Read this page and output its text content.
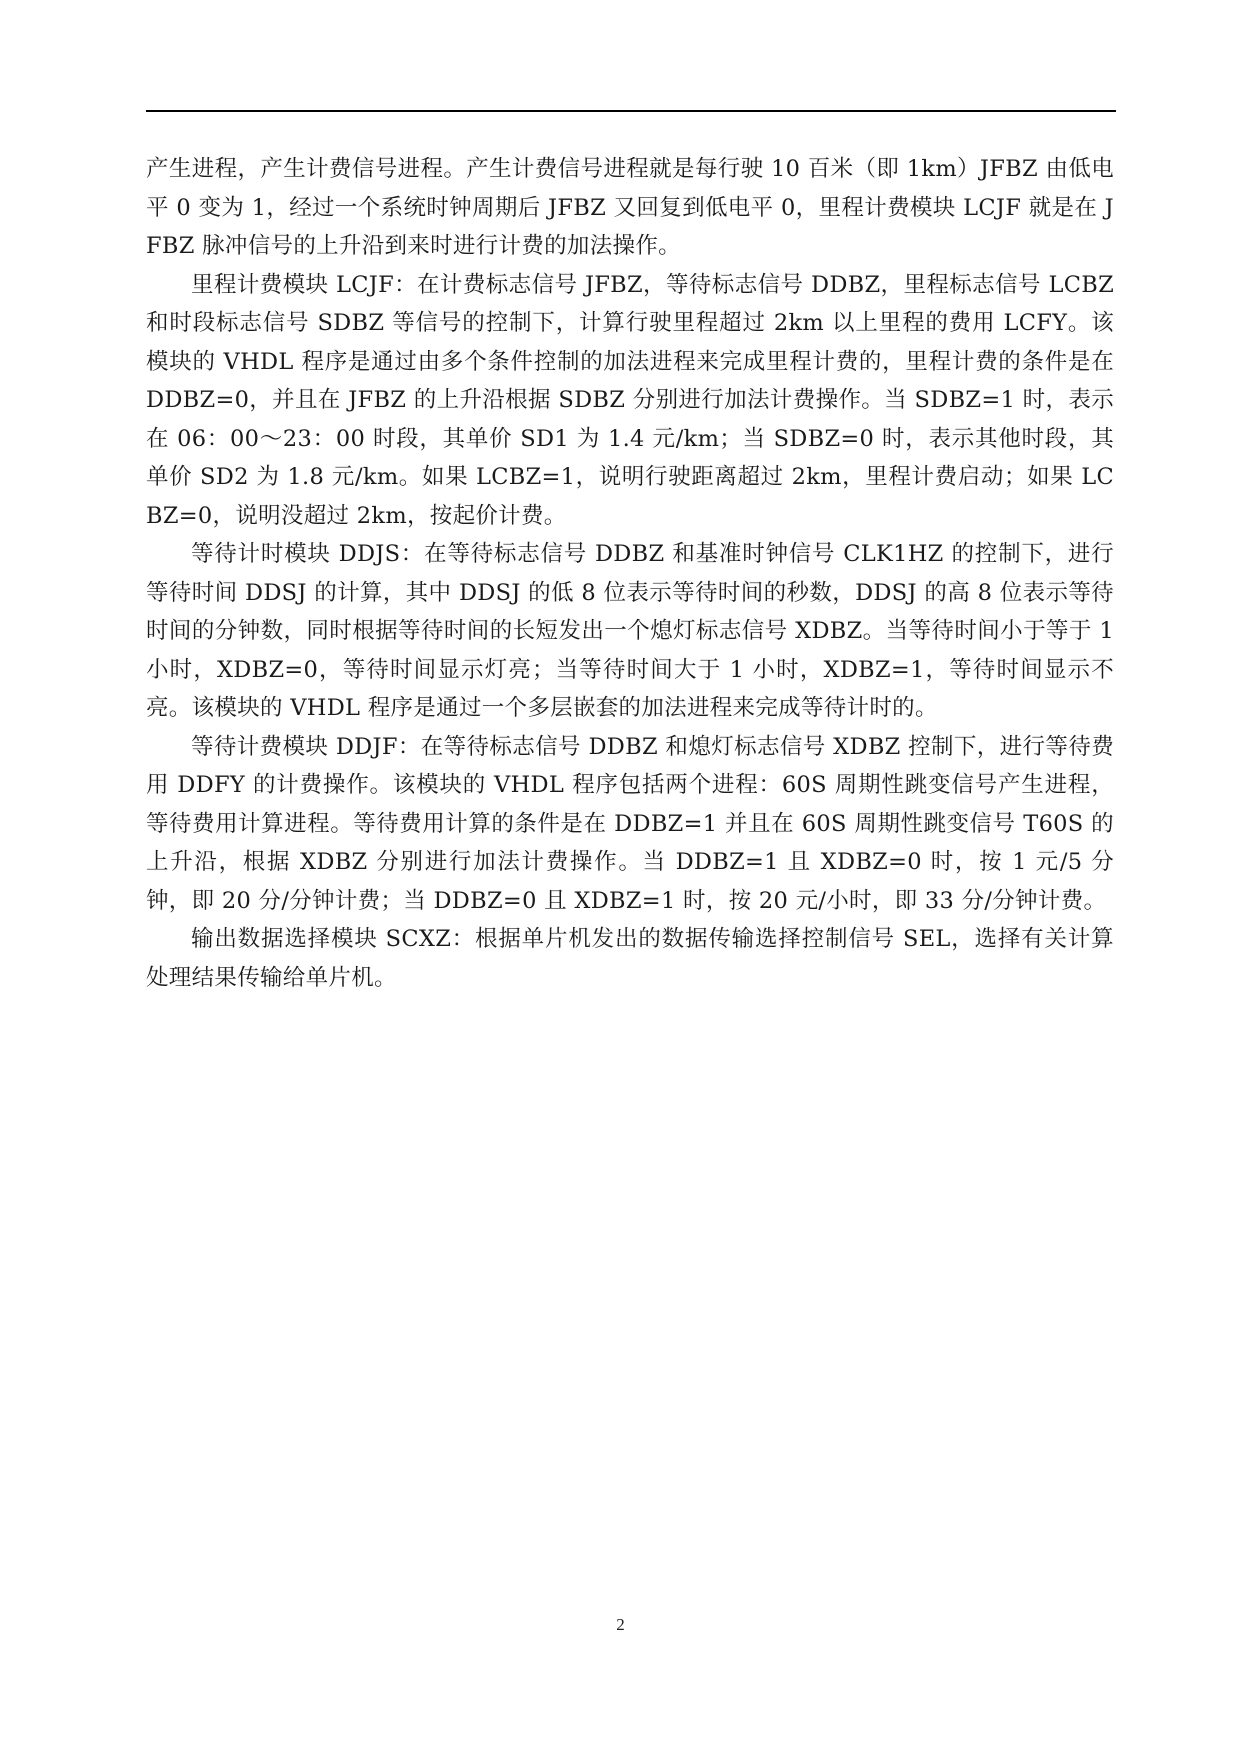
产生进程，产生计费信号进程。产生计费信号进程就是每行驶 10 百米（即 1km）JFBZ 由低电平 0 变为 1，经过一个系统时钟周期后 JFBZ 又回复到低电平 0，里程计费模块 LCJF 就是在 JFBZ 脉冲信号的上升沿到来时进行计费的加法操作。

里程计费模块 LCJF：在计费标志信号 JFBZ，等待标志信号 DDBZ，里程标志信号 LCBZ 和时段标志信号 SDBZ 等信号的控制下，计算行驶里程超过 2km 以上里程的费用 LCFY。该模块的 VHDL 程序是通过由多个条件控制的加法进程来完成里程计费的，里程计费的条件是在 DDBZ=0，并且在 JFBZ 的上升沿根据 SDBZ 分别进行加法计费操作。当 SDBZ=1 时，表示在 06：00～23：00 时段，其单价 SD1 为 1.4 元/km；当 SDBZ=0 时，表示其他时段，其单价 SD2 为 1.8 元/km。如果 LCBZ=1，说明行驶距离超过 2km，里程计费启动；如果 LCBZ=0，说明没超过 2km，按起价计费。

等待计时模块 DDJS：在等待标志信号 DDBZ 和基准时钟信号 CLK1HZ 的控制下，进行等待时间 DDSJ 的计算，其中 DDSJ 的低 8 位表示等待时间的秒数，DDSJ 的高 8 位表示等待时间的分钟数，同时根据等待时间的长短发出一个熄灯标志信号 XDBZ。当等待时间小于等于 1 小时，XDBZ=0，等待时间显示灯亮；当等待时间大于 1 小时，XDBZ=1，等待时间显示不亮。该模块的 VHDL 程序是通过一个多层嵌套的加法进程来完成等待计时的。

等待计费模块 DDJF：在等待标志信号 DDBZ 和熄灯标志信号 XDBZ 控制下，进行等待费用 DDFY 的计费操作。该模块的 VHDL 程序包括两个进程：60S 周期性跳变信号产生进程，等待费用计算进程。等待费用计算的条件是在 DDBZ=1 并且在 60S 周期性跳变信号 T60S 的上升沿，根据 XDBZ 分别进行加法计费操作。当 DDBZ=1 且 XDBZ=0 时，按 1 元/5 分钟，即 20 分/分钟计费；当 DDBZ=0 且 XDBZ=1 时，按 20 元/小时，即 33 分/分钟计费。

输出数据选择模块 SCXZ：根据单片机发出的数据传输选择控制信号 SEL，选择有关计算处理结果传输给单片机。

2
